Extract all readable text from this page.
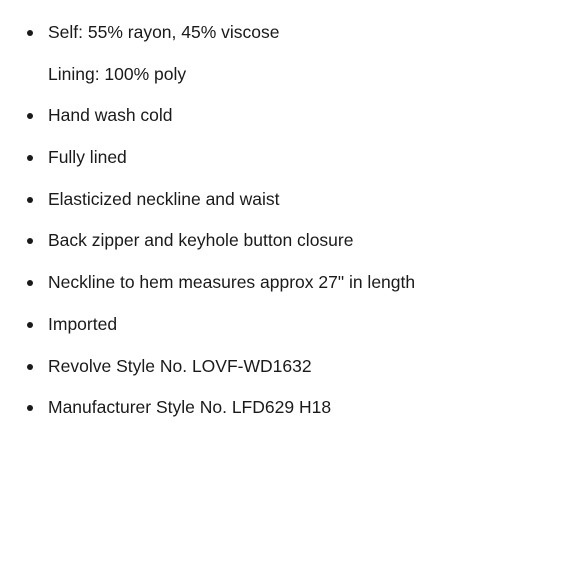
Self: 55% rayon, 45% viscose
Lining: 100% poly
Hand wash cold
Fully lined
Elasticized neckline and waist
Back zipper and keyhole button closure
Neckline to hem measures approx 27" in length
Imported
Revolve Style No. LOVF-WD1632
Manufacturer Style No. LFD629 H18
